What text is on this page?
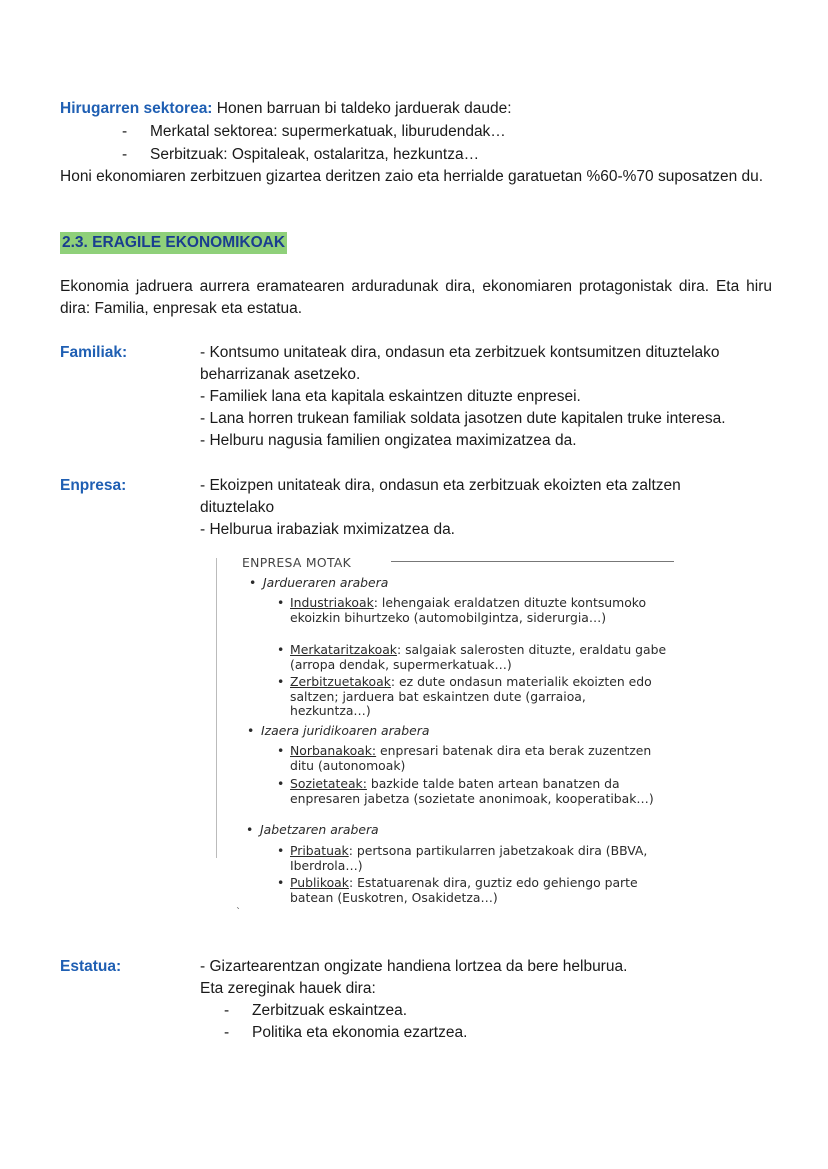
Hirugarren sektorea: Honen barruan bi taldeko jarduerak daude:
- Merkatal sektorea: supermerkatuak, liburudendak…
- Serbitzuak: Ospitaleak, ostalaritza, hezkuntza…
Honi ekonomiaren zerbitzuen gizartea deritzen zaio eta herrialde garatuetan %60-%70 suposatzen du.
2.3. ERAGILE EKONOMIKOAK
Ekonomia jadruera aurrera eramatearen arduradunak dira, ekonomiaren protagonistak dira. Eta hiru dira: Familia, enpresak eta estatua.
Familiak:	- Kontsumo unitateak dira, ondasun eta zerbitzuek kontsumitzen dituztelako
beharrizanak asetzeko.
- Familiek lana eta kapitala eskaintzen dituzte enpresei.
- Lana horren trukean familiak soldata jasotzen dute kapitalen truke interesa.
- Helburu nagusia familien ongizatea maximizatzea da.
Enpresa:	- Ekoizpen unitateak dira, ondasun eta zerbitzuak ekoizten eta zaltzen
dituztelako
- Helburua irabaziak mximizatzea da.
ENPRESA MOTAK
• Jardueraren arabera
• Industriakoak: lehengaiak eraldatzen dituzte kontsumoko ekoizkin bihurtzeko (automobilgintza, siderurgia…)
• Merkataritzakoak: salgaiak salerosten dituzte, eraldatu gabe (arropa dendak, supermerkatuak…)
• Zerbitzuetakoak: ez dute ondasun materialik ekoizten edo saltzen; jarduera bat eskaintzen dute (garraioa, hezkuntza…)
• Izaera juridikoaren arabera
• Norbanakoak: enpresari batenak dira eta berak zuzentzen ditu (autonomoak)
• Sozietateak: bazkide talde baten artean banatzen da enpresaren jabetza (sozietate anonimoak, kooperatibak…)
• Jabetzaren arabera
• Pribatuak: pertsona partikularren jabetzakoak dira (BBVA, Iberdrola…)
• Publikoak: Estatuarenak dira, guztiz edo gehiengo parte batean (Euskotren, Osakidetza…)
ˋ
Estatua:	- Gizartearentzan ongizate handiena lortzea da bere helburua.
Eta zereginak hauek dira:
- Zerbitzuak eskaintzea.
- Politika eta ekonomia ezartzea.
